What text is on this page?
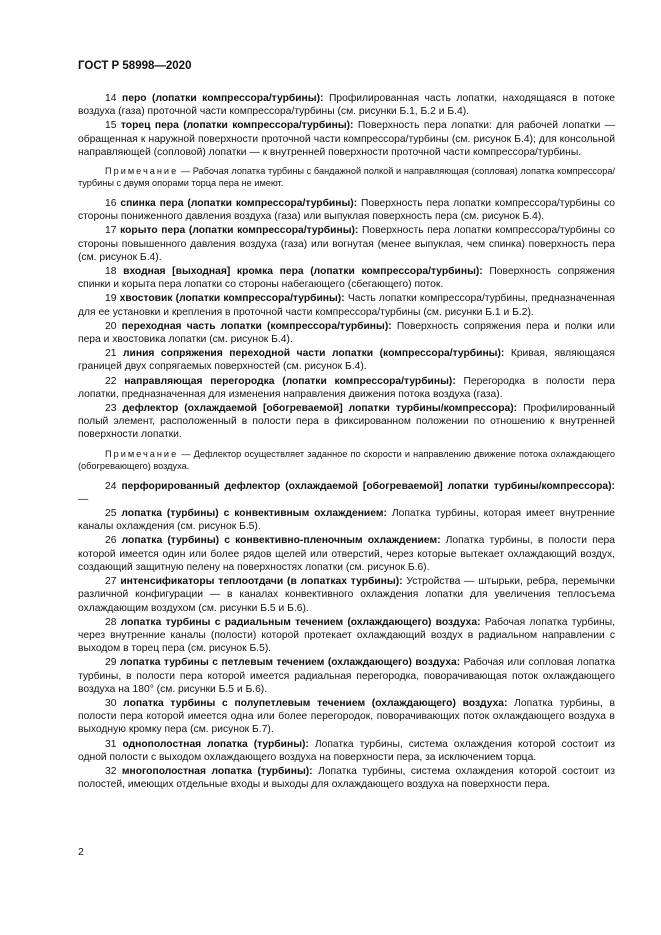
ГОСТ Р 58998—2020

14 перо (лопатки компрессора/турбины): Профилированная часть лопатки, находящаяся в потоке воздуха (газа) проточной части компрессора/турбины (см. рисунки Б.1, Б.2 и Б.4).

15 торец пера (лопатки компрессора/турбины): Поверхность пера лопатки: для рабочей лопатки — обращенная к наружной поверхности проточной части компрессора/турбины (см. рисунок Б.4); для консольной направляющей (сопловой) лопатки — к внутренней поверхности проточной части компрессора/турбины.

Примечание — Рабочая лопатка турбины с бандажной полкой и направляющая (сопловая) лопатка компрессора/турбины с двумя опорами торца пера не имеют.

16 спинка пера (лопатки компрессора/турбины): Поверхность пера лопатки компрессора/турбины со стороны пониженного давления воздуха (газа) или выпуклая поверхность пера (см. рисунок Б.4).

17 корыто пера (лопатки компрессора/турбины): Поверхность пера лопатки компрессора/турбины со стороны повышенного давления воздуха (газа) или вогнутая (менее выпуклая, чем спинка) поверхность пера (см. рисунок Б.4).

18 входная [выходная] кромка пера (лопатки компрессора/турбины): Поверхность сопряжения спинки и корыта пера лопатки со стороны набегающего (сбегающего) поток.

19 хвостовик (лопатки компрессора/турбины): Часть лопатки компрессора/турбины, предназначенная для ее установки и крепления в проточной части компрессора/турбины (см. рисунки Б.1 и Б.2).

20 переходная часть лопатки (компрессора/турбины): Поверхность сопряжения пера и полки или пера и хвостовика лопатки (см. рисунок Б.4).

21 линия сопряжения переходной части лопатки (компрессора/турбины): Кривая, являющаяся границей двух сопрягаемых поверхностей (см. рисунок Б.4).

22 направляющая перегородка (лопатки компрессора/турбины): Перегородка в полости пера лопатки, предназначенная для изменения направления движения потока воздуха (газа).

23 дефлектор (охлаждаемой [обогреваемой] лопатки турбины/компрессора): Профилированный полый элемент, расположенный в полости пера в фиксированном положении по отношению к внутренней поверхности лопатки.

Примечание — Дефлектор осуществляет заданное по скорости и направлению движение потока охлаждающего (обогревающего) воздуха.

24 перфорированный дефлектор (охлаждаемой [обогреваемой] лопатки турбины/компрессора): —

25 лопатка (турбины) с конвективным охлаждением: Лопатка турбины, которая имеет внутренние каналы охлаждения (см. рисунок Б.5).

26 лопатка (турбины) с конвективно-пленочным охлаждением: Лопатка турбины, в полости пера которой имеется один или более рядов щелей или отверстий, через которые вытекает охлаждающий воздух, создающий защитную пелену на поверхностях лопатки (см. рисунок Б.6).

27 интенсификаторы теплоотдачи (в лопатках турбины): Устройства — штырьки, ребра, перемычки различной конфигурации — в каналах конвективного охлаждения лопатки для увеличения теплосъема охлаждающим воздухом (см. рисунки Б.5 и Б.6).

28 лопатка турбины с радиальным течением (охлаждающего) воздуха: Рабочая лопатка турбины, через внутренние каналы (полости) которой протекает охлаждающий воздух в радиальном направлении с выходом в торец пера (см. рисунок Б.5).

29 лопатка турбины с петлевым течением (охлаждающего) воздуха: Рабочая или сопловая лопатка турбины, в полости пера которой имеется радиальная перегородка, поворачивающая поток охлаждающего воздуха на 180° (см. рисунки Б.5 и Б.6).

30 лопатка турбины с полупетлевым течением (охлаждающего) воздуха: Лопатка турбины, в полости пера которой имеется одна или более перегородок, поворачивающих поток охлаждающего воздуха в выходную кромку пера (см. рисунок Б.7).

31 однополостная лопатка (турбины): Лопатка турбины, система охлаждения которой состоит из одной полости с выходом охлаждающего воздуха на поверхности пера, за исключением торца.

32 многополостная лопатка (турбины): Лопатка турбины, система охлаждения которой состоит из полостей, имеющих отдельные входы и выходы для охлаждающего воздуха на поверхности пера.

2
